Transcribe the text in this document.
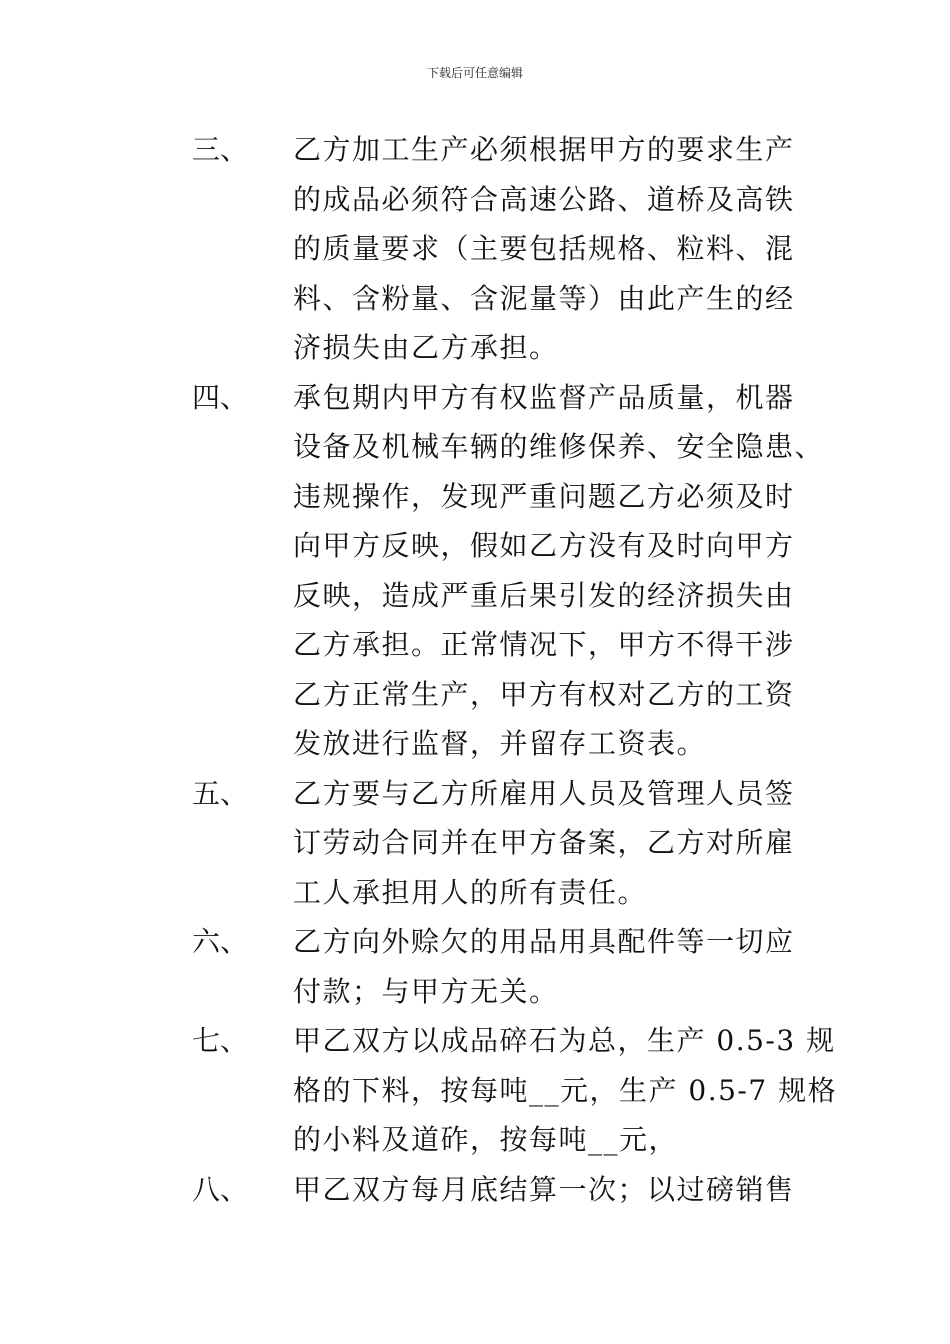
下载后可任意编辑
三、 乙方加工生产必须根据甲方的要求生产
的成品必须符合高速公路、道桥及高铁
的质量要求（主要包括规格、粒料、混
料、含粉量、含泥量等）由此产生的经
济损失由乙方承担。
四、 承包期内甲方有权监督产品质量，机器
设备及机械车辆的维修保养、安全隐患、
违规操作，发现严重问题乙方必须及时
向甲方反映，假如乙方没有及时向甲方
反映，造成严重后果引发的经济损失由
乙方承担。正常情况下，甲方不得干涉
乙方正常生产，甲方有权对乙方的工资
发放进行监督，并留存工资表。
五、 乙方要与乙方所雇用人员及管理人员签
订劳动合同并在甲方备案，乙方对所雇
工人承担用人的所有责任。
六、 乙方向外赊欠的用品用具配件等一切应
付款；与甲方无关。
七、 甲乙双方以成品碎石为总，生产 0.5-3 规
格的下料，按每吨__元，生产 0.5-7 规格
的小料及道砟，按每吨__元，
八、 甲乙双方每月底结算一次；以过磅销售
